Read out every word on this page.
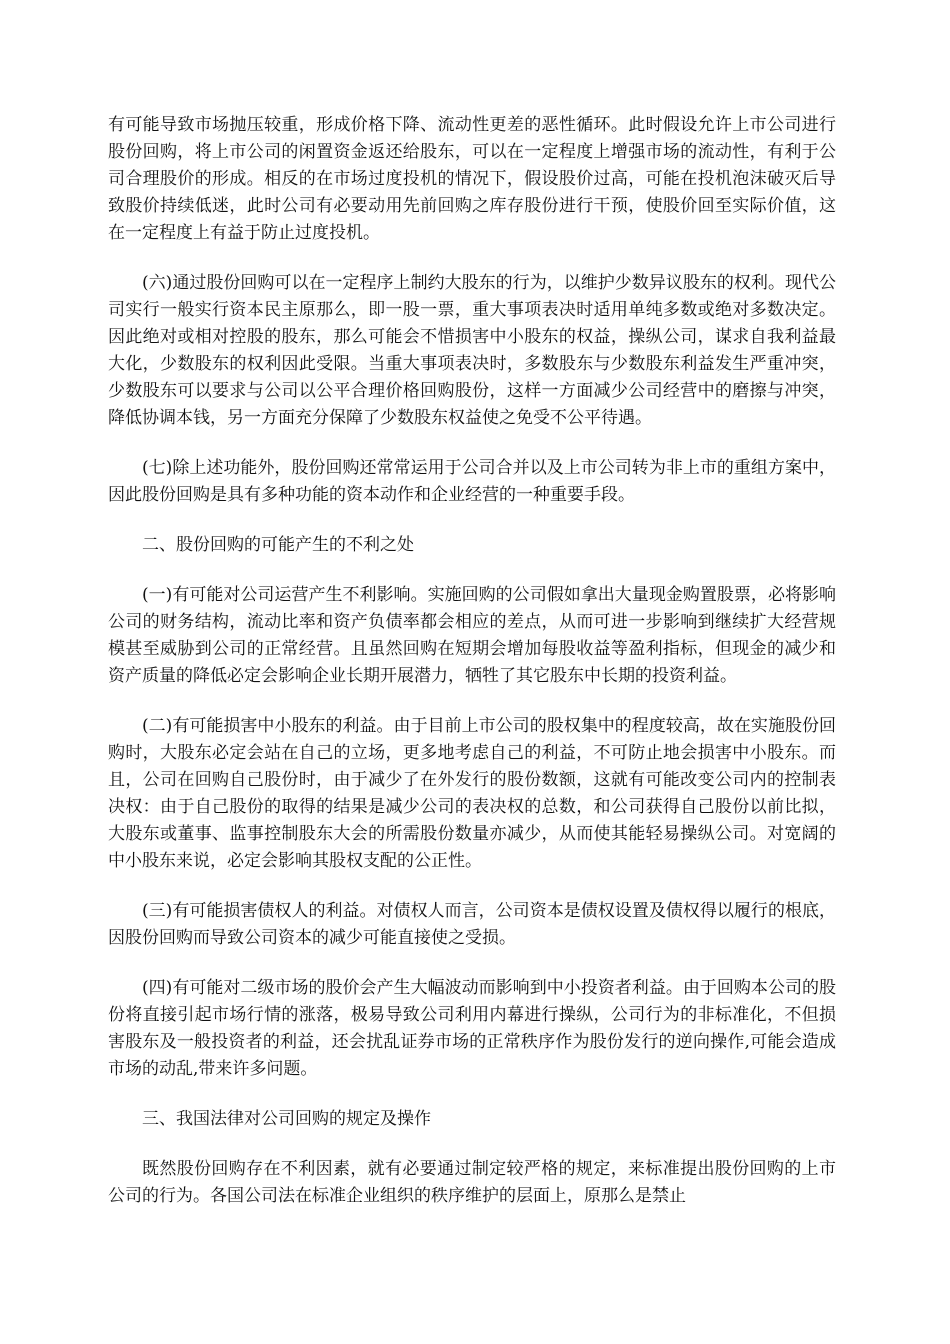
有可能导致市场抛压较重，形成价格下降、流动性更差的恶性循环。此时假设允许上市公司进行股份回购，将上市公司的闲置资金返还给股东，可以在一定程度上增强市场的流动性，有利于公司合理股价的形成。相反的在市场过度投机的情况下，假设股价过高，可能在投机泡沫破灭后导致股价持续低迷，此时公司有必要动用先前回购之库存股份进行干预，使股价回至实际价值，这在一定程度上有益于防止过度投机。

(六)通过股份回购可以在一定程序上制约大股东的行为，以维护少数异议股东的权利。现代公司实行一般实行资本民主原那么，即一股一票，重大事项表决时适用单纯多数或绝对多数决定。因此绝对或相对控股的股东，那么可能会不惜损害中小股东的权益，操纵公司，谋求自我利益最大化，少数股东的权利因此受限。当重大事项表决时，多数股东与少数股东利益发生严重冲突，少数股东可以要求与公司以公平合理价格回购股份，这样一方面减少公司经营中的磨擦与冲突，降低协调本钱，另一方面充分保障了少数股东权益使之免受不公平待遇。

(七)除上述功能外，股份回购还常常运用于公司合并以及上市公司转为非上市的重组方案中，因此股份回购是具有多种功能的资本动作和企业经营的一种重要手段。

二、股份回购的可能产生的不利之处

(一)有可能对公司运营产生不利影响。实施回购的公司假如拿出大量现金购置股票，必将影响公司的财务结构，流动比率和资产负债率都会相应的差点，从而可进一步影响到继续扩大经营规模甚至威胁到公司的正常经营。且虽然回购在短期会增加每股收益等盈利指标，但现金的减少和资产质量的降低必定会影响企业长期开展潜力，牺牲了其它股东中长期的投资利益。

(二)有可能损害中小股东的利益。由于目前上市公司的股权集中的程度较高，故在实施股份回购时，大股东必定会站在自己的立场，更多地考虑自己的利益，不可防止地会损害中小股东。而且，公司在回购自己股份时，由于减少了在外发行的股份数额，这就有可能改变公司内的控制表决权：由于自己股份的取得的结果是减少公司的表决权的总数，和公司获得自己股份以前比拟，大股东或董事、监事控制股东大会的所需股份数量亦减少，从而使其能轻易操纵公司。对宽阔的中小股东来说，必定会影响其股权支配的公正性。

(三)有可能损害债权人的利益。对债权人而言，公司资本是债权设置及债权得以履行的根底，因股份回购而导致公司资本的减少可能直接使之受损。

(四)有可能对二级市场的股价会产生大幅波动而影响到中小投资者利益。由于回购本公司的股份将直接引起市场行情的涨落，极易导致公司利用内幕进行操纵，公司行为的非标准化，不但损害股东及一般投资者的利益，还会扰乱证券市场的正常秩序作为股份发行的逆向操作,可能会造成市场的动乱,带来许多问题。

三、我国法律对公司回购的规定及操作

既然股份回购存在不利因素，就有必要通过制定较严格的规定，来标准提出股份回购的上市公司的行为。各国公司法在标准企业组织的秩序维护的层面上，原那么是禁止
